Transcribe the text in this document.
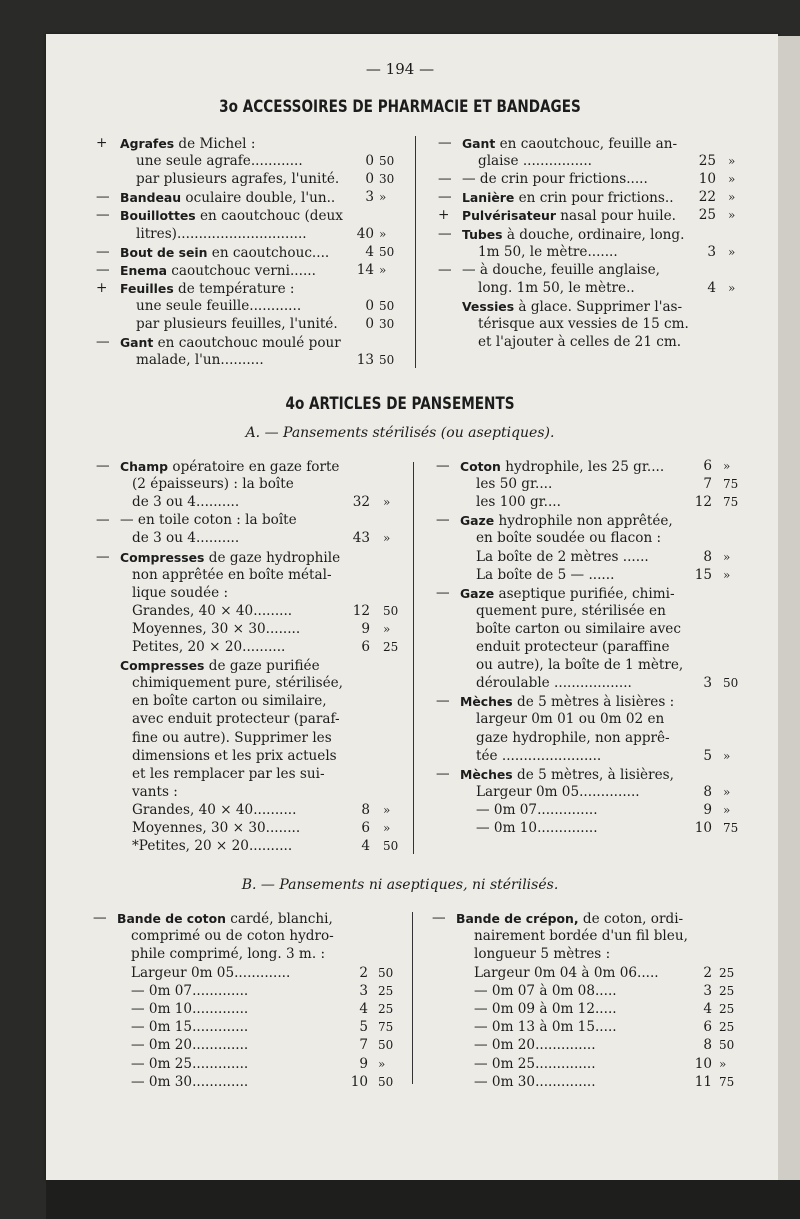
— 194 —
3o ACCESSOIRES DE PHARMACIE ET BANDAGES
+ Agrafes de Michel :
une seule agrafe............	0 50
par plusieurs agrafes, l'unité. 0 30
— Bandeau oculaire double, l'un.. 3 »
— Bouillottes en caoutchouc (deux
litres)..............................	40 »
— Bout de sein en caoutchouc....	4 50
— Enema caoutchouc verni......	14 »
+ Feuilles de température :
une seule feuille............	0 50
par plusieurs feuilles, l'unité. 0 30
— Gant en caoutchouc moulé pour
malade, l'un..........	13 50
— Gant en caoutchouc, feuille an-
glaise ................	25 »
— — de crin pour frictions.....	10 »
— Lanière en crin pour frictions.. 22 »
+ Pulvérisateur nasal pour huile. 25 »
— Tubes à douche, ordinaire, long.
1m 50, le mètre.......	3 »
— — à douche, feuille anglaise,
long. 1m 50, le mètre..	4 »
Vessies à glace. Supprimer l'as-
térisque aux vessies de 15 cm.
et l'ajouter à celles de 21 cm.
4o ARTICLES DE PANSEMENTS
A. — Pansements stérilisés (ou aseptiques).
— Champ opératoire en gaze forte
(2 épaisseurs) : la boîte
de 3 ou 4..........	32 »
— — en toile coton : la boîte
de 3 ou 4..........	43 »
— Compresses de gaze hydrophile
non apprêtée en boîte métal-
lique soudée :
Grandes, 40 × 40.........	12 50
Moyennes, 30 × 30........	9 »
Petites, 20 × 20..........	6 25
Compresses de gaze purifiée
chimiquement pure, stérilisée,
en boîte carton ou similaire,
avec enduit protecteur (paraf-
fine ou autre). Supprimer les
dimensions et les prix actuels
et les remplacer par les sui-
vants :
Grandes, 40 × 40..........	8 »
Moyennes, 30 × 30........	6 »
*Petites, 20 × 20..........	4 50
— Coton hydrophile, les 25 gr....	6 »
les 50 gr....	7 75
les 100 gr....	12 75
— Gaze hydrophile non apprêtée,
en boîte soudée ou flacon :
La boîte de 2 mètres ......	8 »
La boîte de 5 — ......	15 »
— Gaze aseptique purifiée, chimi-
quement pure, stérilisée en
boîte carton ou similaire avec
enduit protecteur (paraffine
ou autre), la boîte de 1 mètre,
déroulable ..................	3 50
— Mèches de 5 mètres à lisières :
largeur 0m 01 ou 0m 02 en
gaze hydrophile, non apprê-
tée .......................	5 »
— Mèches de 5 mètres, à lisières,
Largeur 0m 05..............	8 »
— 0m 07..............	9 »
— 0m 10..............	10 75
B. — Pansements ni aseptiques, ni stérilisés.
— Bande de coton cardé, blanchi,
comprimé ou de coton hydro-
phile comprimé, long. 3 m. :
Largeur 0m 05.............	2 50
— 0m 07.............	3 25
— 0m 10.............	4 25
— 0m 15.............	5 75
— 0m 20.............	7 50
— 0m 25.............	9 »
— 0m 30.............	10 50
— Bande de crépon, de coton, ordi-
nairement bordée d'un fil bleu,
longueur 5 mètres :
Largeur 0m 04 à 0m 06.....	2 25
— 0m 07 à 0m 08.....	3 25
— 0m 09 à 0m 12.....	4 25
— 0m 13 à 0m 15.....	6 25
— 0m 20..............	8 50
— 0m 25..............	10 »
— 0m 30..............	11 75
